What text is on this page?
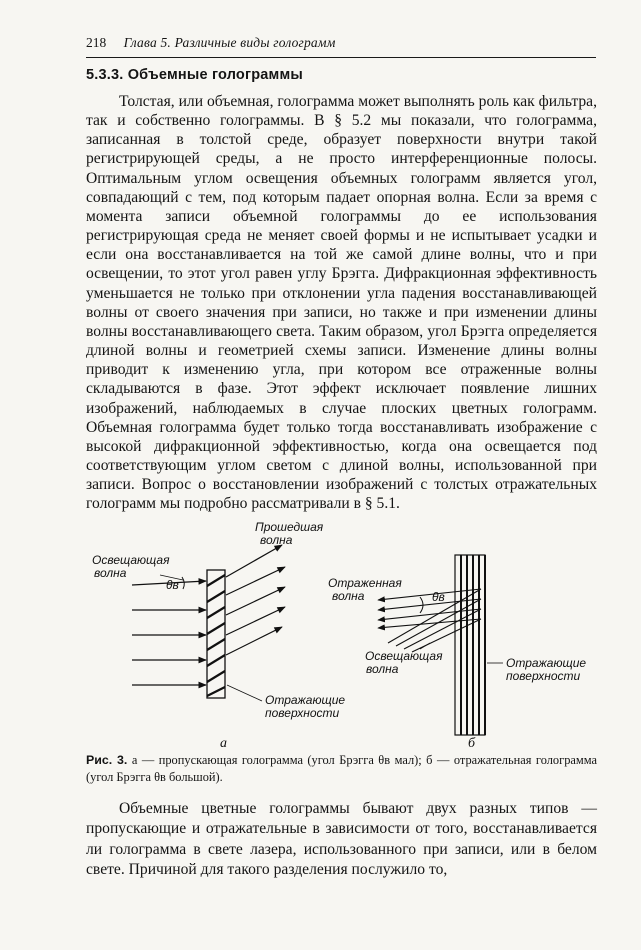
218 Глава 5. Различные виды голограмм
5.3.3. Объемные голограммы

Толстая, или объемная, голограмма может выполнять роль как фильтра, так и собственно голограммы. В § 5.2 мы показали, что голограмма, записанная в толстой среде, образует поверхности внутри такой регистрирующей среды, а не просто интерференционные полосы. Оптимальным углом освещения объемных голограмм является угол, совпадающий с тем, под которым падает опорная волна. Если за время с момента записи объемной голограммы до ее использования регистрирующая среда не меняет своей формы и не испытывает усадки и если она восстанавливается на той же самой длине волны, что и при освещении, то этот угол равен углу Брэгга. Дифракционная эффективность уменьшается не только при отклонении угла падения восстанавливающей волны от своего значения при записи, но также и при изменении длины волны восстанавливающего света. Таким образом, угол Брэгга определяется длиной волны и геометрией схемы записи. Изменение длины волны приводит к изменению угла, при котором все отраженные волны складываются в фазе. Этот эффект исключает появление лишних изображений, наблюдаемых в случае плоских цветных голограмм. Объемная голограмма будет только тогда восстанавливать изображение с высокой дифракционной эффективностью, когда она освещается под соответствующим углом светом с длиной волны, использованной при записи. Вопрос о восстановлении изображений с толстых отражательных голограмм мы подробно рассматривали в § 5.1.

Прошедшая волна
Освещающая волна
θв
Отражающие поверхности
а
Отраженная волна	θв
Освещающая волна	Отражающие поверхности
б

Рис. 3. а — пропускающая голограмма (угол Брэгга θв мал); б — отражательная голограмма (угол Брэгга θв большой).

Объемные цветные голограммы бывают двух разных типов — пропускающие и отражательные в зависимости от того, восстанавливается ли голограмма в свете лазера, использованного при записи, или в белом свете. Причиной для такого разделения послужило то,
